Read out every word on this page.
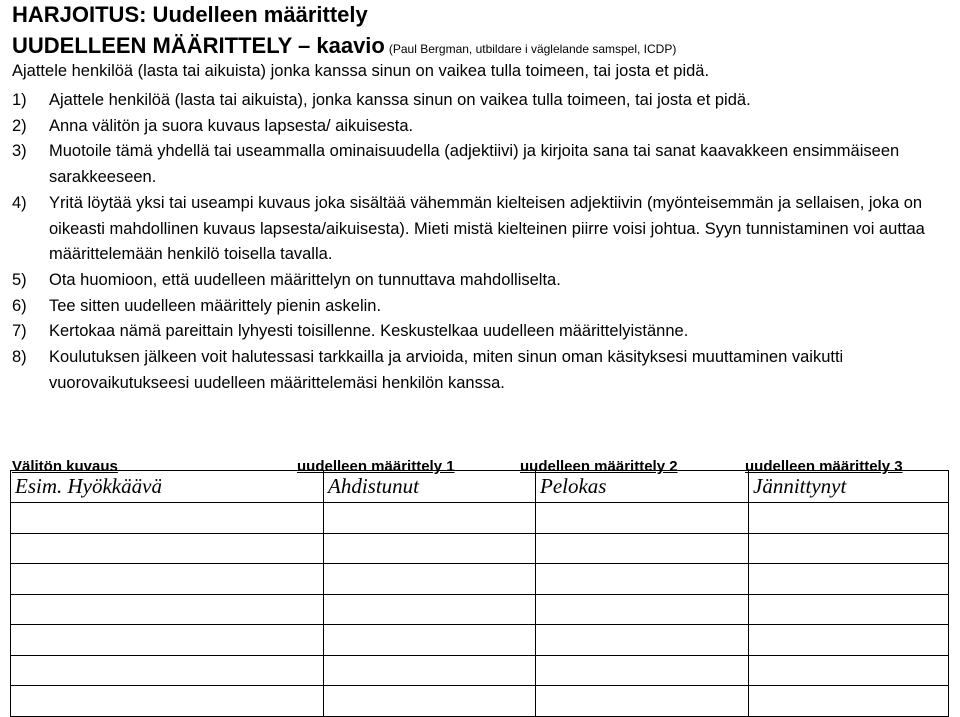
HARJOITUS: Uudelleen määrittely
UUDELLEEN MÄÄRITTELY – kaavio (Paul Bergman, utbildare i väglelande samspel, ICDP)
Ajattele henkilöä (lasta tai aikuista) jonka kanssa sinun on vaikea tulla toimeen, tai josta et pidä.
1)	Ajattele henkilöä (lasta tai aikuista), jonka kanssa sinun on vaikea tulla toimeen, tai josta et pidä.
2)	Anna välitön ja suora kuvaus lapsesta/ aikuisesta.
3)	Muotoile tämä yhdellä tai useammalla ominaisuudella (adjektiivi) ja kirjoita sana tai sanat kaavakkeen ensimmäiseen sarakkeeseen.
4)	Yritä löytää yksi tai useampi kuvaus joka sisältää vähemmän kielteisen adjektiivin (myönteisemmän ja sellaisen, joka on oikeasti mahdollinen kuvaus lapsesta/aikuisesta). Mieti mistä kielteinen piirre voisi johtua. Syyn tunnistaminen voi auttaa määrittelemään henkilö toisella tavalla.
5)	Ota huomioon, että uudelleen määrittelyn on tunnuttava mahdolliselta.
6)	Tee sitten uudelleen määrittely pienin askelin.
7)	Kertokaa nämä pareittain lyhyesti toisillenne. Keskustelkaa uudelleen määrittelyistänne.
8)	Koulutuksen jälkeen voit halutessasi tarkkailla ja arvioida, miten sinun oman käsityksesi muuttaminen vaikutti vuorovaikutukseesi uudelleen määrittelemäsi henkilön kanssa.
Välitön kuvaus	uudelleen määrittely 1	uudelleen määrittely 2	uudelleen määrittely 3
Esim. Hyökkäävä	Ahdistunut	Pelokas	Jännittynyt
